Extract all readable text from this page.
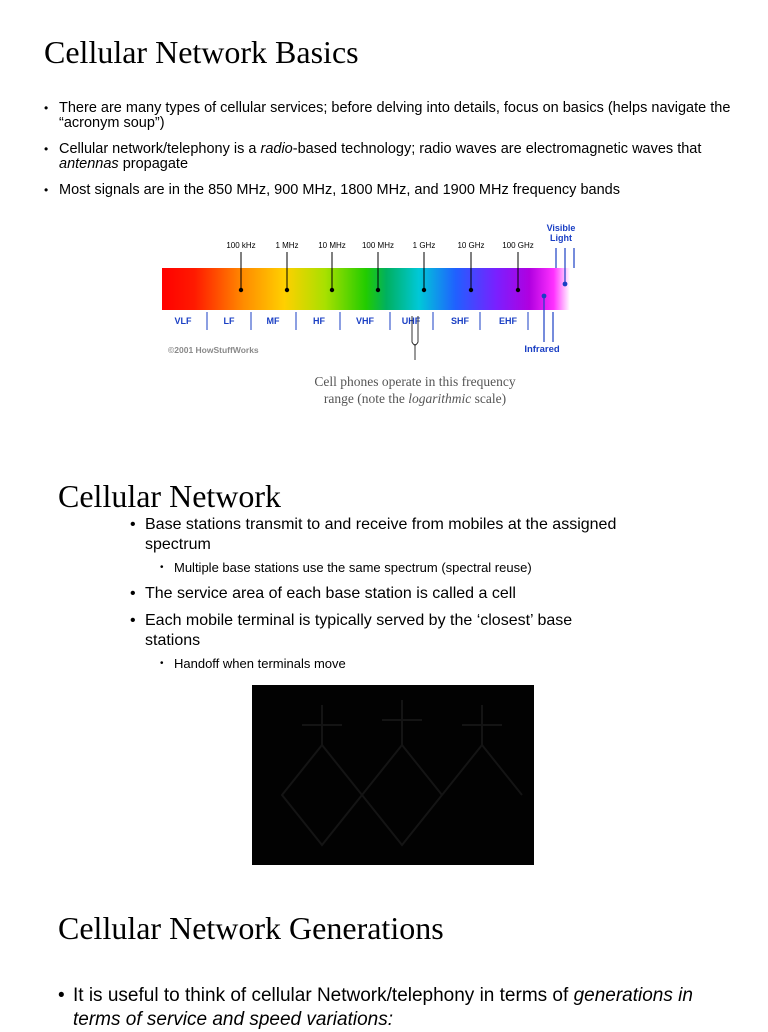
Cellular Network Basics
• There are many types of cellular services; before delving into details, focus on basics (helps navigate the “acronym soup”)
• Cellular network/telephony is a radio-based technology; radio waves are electromagnetic waves that antennas propagate
• Most signals are in the 850 MHz, 900 MHz, 1800 MHz, and 1900 MHz frequency bands
100 kHz 1 MHz 10 MHz 100 MHz 1 GHz	10 GHz 100 GHz
VLF	LF	MF	HF	VHF	UHF	SHF	EHF
Visible
Light
Infrared
©2001 HowStuffWorks
Cell phones operate in this frequency
range (note the logarithmic scale)
Cellular Network
• Base stations transmit to and receive from mobiles at the assigned spectrum
• Multiple base stations use the same spectrum (spectral reuse)
• The service area of each base station is called a cell
• Each mobile terminal is typically served by the ‘closest’ base stations
• Handoff when terminals move
Cellular Network Generations
• It is useful to think of cellular Network/telephony in terms of generations in terms of service and speed variations:
